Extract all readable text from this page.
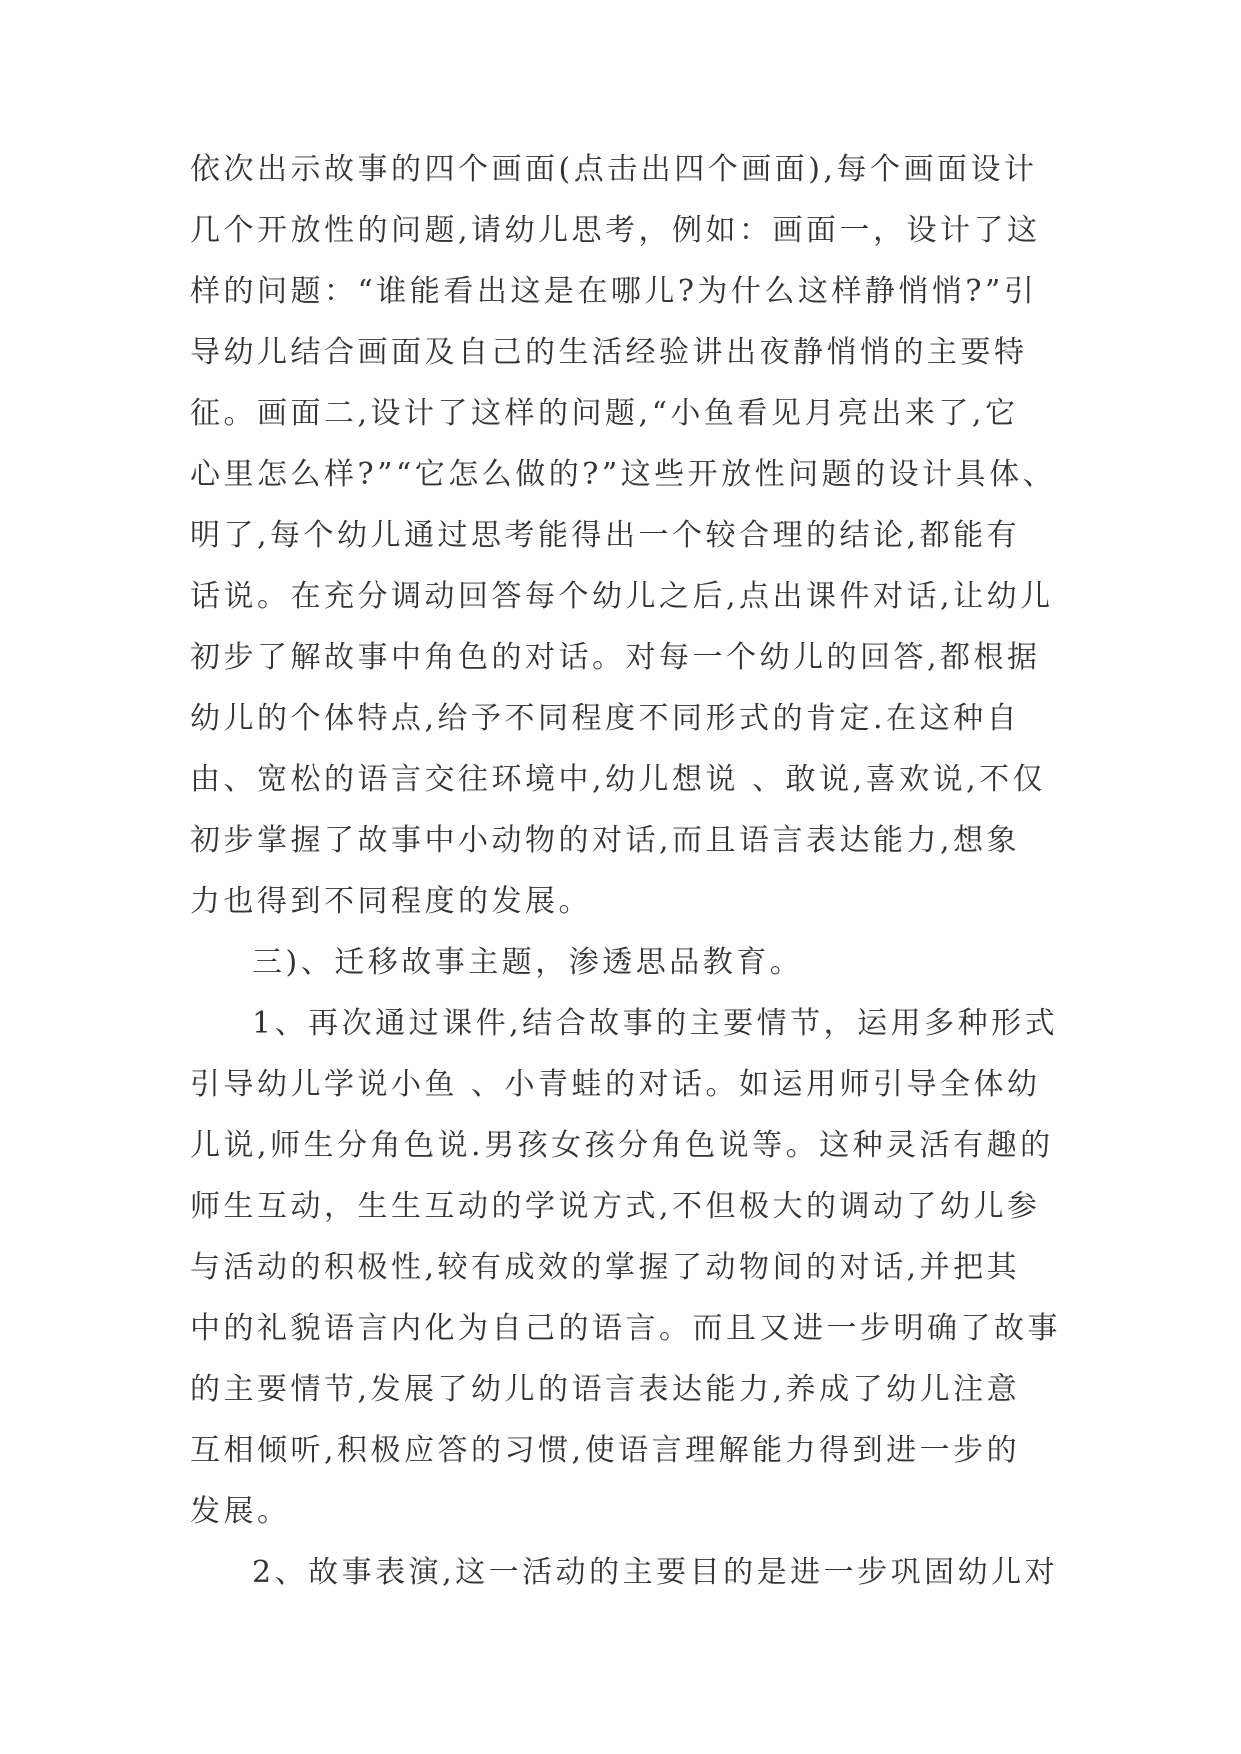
依次出示故事的四个画面(点击出四个画面),每个画面设计
几个开放性的问题,请幼儿思考，例如：画面一，设计了这
样的问题：“谁能看出这是在哪儿?为什么这样静悄悄?”引
导幼儿结合画面及自己的生活经验讲出夜静悄悄的主要特
征。画面二,设计了这样的问题,“小鱼看见月亮出来了,它
心里怎么样?”“它怎么做的?”这些开放性问题的设计具体、
明了,每个幼儿通过思考能得出一个较合理的结论,都能有
话说。在充分调动回答每个幼儿之后,点出课件对话,让幼儿
初步了解故事中角色的对话。对每一个幼儿的回答,都根据
幼儿的个体特点,给予不同程度不同形式的肯定.在这种自
由、宽松的语言交往环境中,幼儿想说 、敢说,喜欢说,不仅
初步掌握了故事中小动物的对话,而且语言表达能力,想象
力也得到不同程度的发展。
三)、迁移故事主题，渗透思品教育。
1、再次通过课件,结合故事的主要情节，运用多种形式
引导幼儿学说小鱼 、小青蛙的对话。如运用师引导全体幼
儿说,师生分角色说.男孩女孩分角色说等。这种灵活有趣的
师生互动，生生互动的学说方式,不但极大的调动了幼儿参
与活动的积极性,较有成效的掌握了动物间的对话,并把其
中的礼貌语言内化为自己的语言。而且又进一步明确了故事
的主要情节,发展了幼儿的语言表达能力,养成了幼儿注意
互相倾听,积极应答的习惯,使语言理解能力得到进一步的
发展。
2、故事表演,这一活动的主要目的是进一步巩固幼儿对
